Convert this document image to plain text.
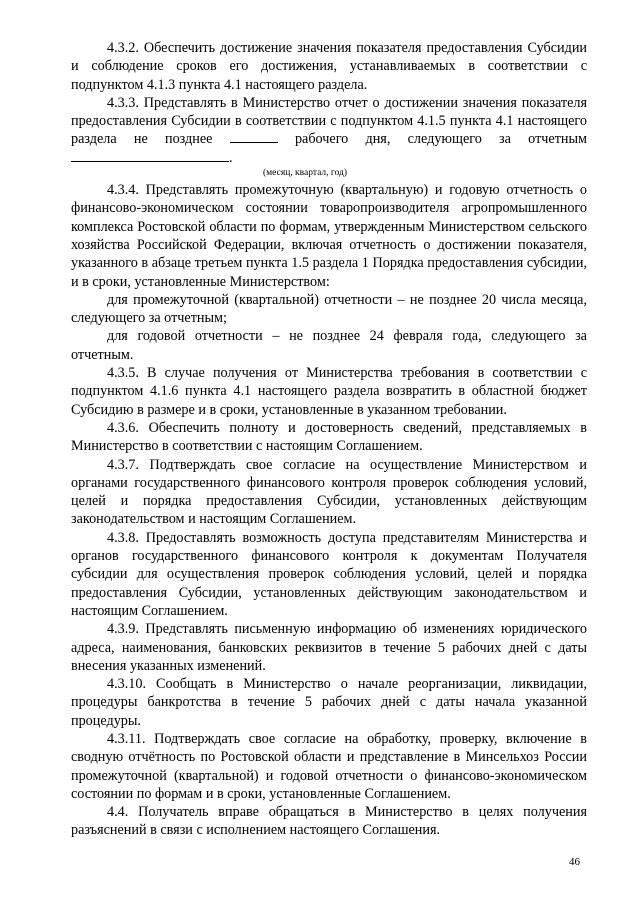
4.3.2. Обеспечить достижение значения показателя предоставления Субсидии и соблюдение сроков его достижения, устанавливаемых в соответствии с подпунктом 4.1.3 пункта 4.1 настоящего раздела.

4.3.3. Представлять в Министерство отчет о достижении значения показателя предоставления Субсидии в соответствии с подпунктом 4.1.5 пункта 4.1 настоящего раздела не позднее	рабочего дня, следующего за отчетным .

(месяц, квартал, год)

4.3.4. Представлять промежуточную (квартальную) и годовую отчетность о финансово-экономическом состоянии товаропроизводителя агропромышленного комплекса Ростовской области по формам, утвержденным Министерством сельского хозяйства Российской Федерации, включая отчетность о достижении показателя, указанного в абзаце третьем пункта 1.5 раздела 1 Порядка предоставления субсидии, и в сроки, установленные Министерством:

для промежуточной (квартальной) отчетности – не позднее 20 числа месяца, следующего за отчетным;

для годовой отчетности – не позднее 24 февраля года, следующего за отчетным.

4.3.5. В случае получения от Министерства требования в соответствии с подпунктом 4.1.6 пункта 4.1 настоящего раздела возвратить в областной бюджет Субсидию в размере и в сроки, установленные в указанном требовании.

4.3.6. Обеспечить полноту и достоверность сведений, представляемых в Министерство в соответствии с настоящим Соглашением.

4.3.7. Подтверждать свое согласие на осуществление Министерством и органами государственного финансового контроля проверок соблюдения условий, целей и порядка предоставления Субсидии, установленных действующим законодательством и настоящим Соглашением.

4.3.8. Предоставлять возможность доступа представителям Министерства и органов государственного финансового контроля к документам Получателя субсидии для осуществления проверок соблюдения условий, целей и порядка предоставления Субсидии, установленных действующим законодательством и настоящим Соглашением.

4.3.9. Представлять письменную информацию об изменениях юридического адреса, наименования, банковских реквизитов в течение 5 рабочих дней с даты внесения указанных изменений.

4.3.10. Сообщать в Министерство о начале реорганизации, ликвидации, процедуры банкротства в течение 5 рабочих дней с даты начала указанной процедуры.

4.3.11. Подтверждать свое согласие на обработку, проверку, включение в сводную отчётность по Ростовской области и представление в Минсельхоз России промежуточной (квартальной) и годовой отчетности о финансово-экономическом состоянии по формам и в сроки, установленные Соглашением.

4.4. Получатель вправе обращаться в Министерство в целях получения разъяснений в связи с исполнением настоящего Соглашения.

46
